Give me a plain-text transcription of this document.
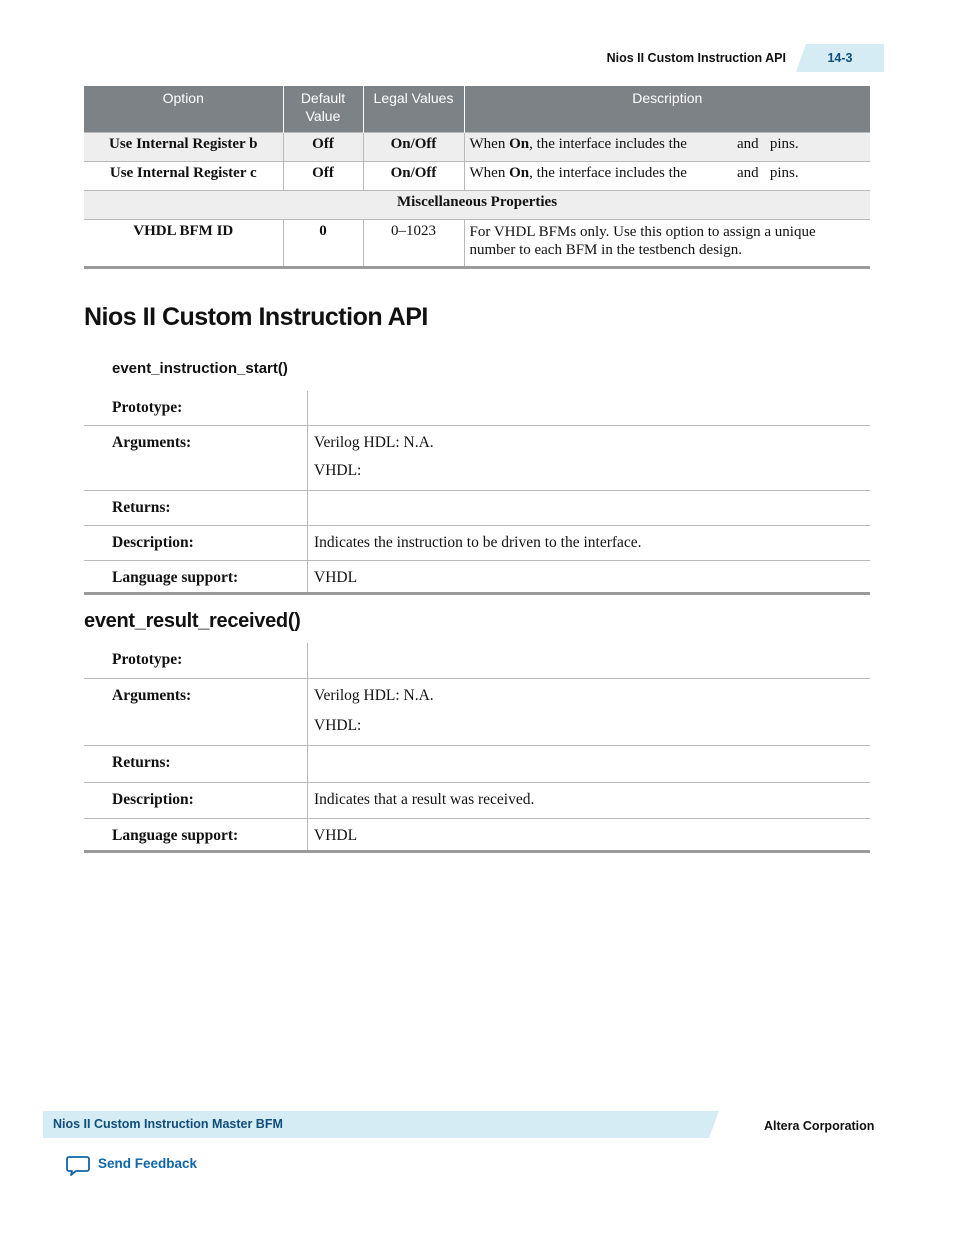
Nios II Custom Instruction API	14-3
Option	Default Value	Legal Values	Description
Use Internal Register b	Off	On/Off	When On, the interface includes the and pins.
Use Internal Register c	Off	On/Off	When On, the interface includes the and pins.
Miscellaneous Properties			
VHDL BFM ID	0	0–1023	For VHDL BFMs only. Use this option to assign a unique number to each BFM in the testbench design.
Nios II Custom Instruction API
event_instruction_start()
Prototype:	
Arguments:	Verilog HDL: N.A.

VHDL:

Returns:	
Description:	Indicates the instruction to be driven to the interface.
Language support:	VHDL
event_result_received()
Prototype:	
Arguments:	Verilog HDL: N.A.

VHDL:

Returns:	
Description:	Indicates that a result was received.
Language support:	VHDL
Nios II Custom Instruction Master BFM	Altera Corporation
Send Feedback
